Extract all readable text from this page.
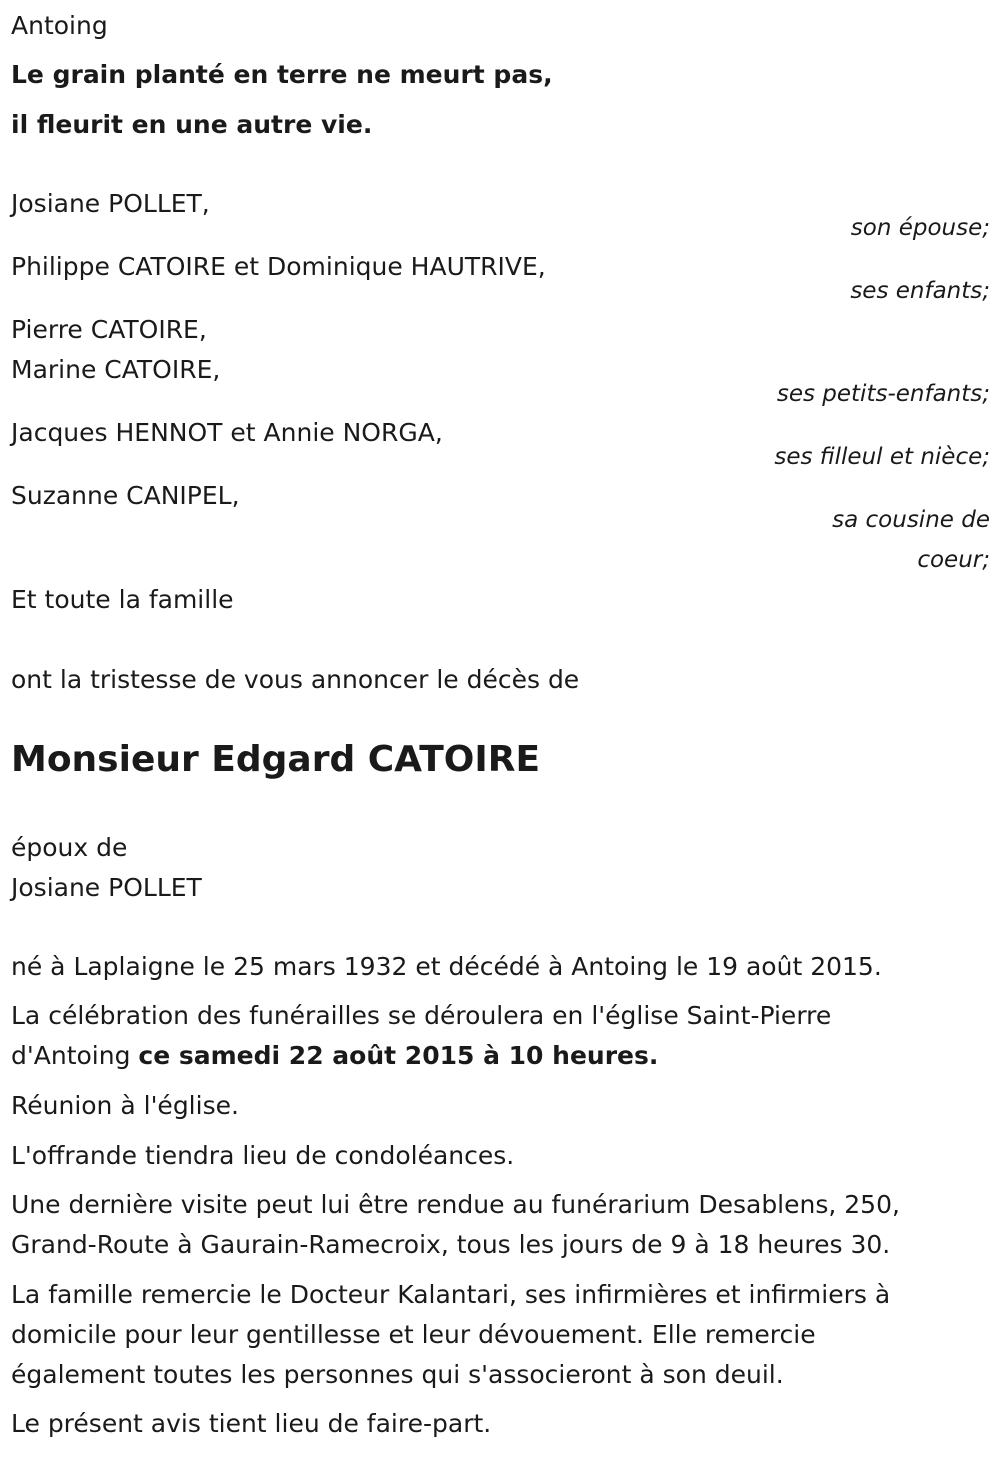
Antoing
Le grain planté en terre ne meurt pas,
il fleurit en une autre vie.
Josiane POLLET,
son épouse;
Philippe CATOIRE et Dominique HAUTRIVE,
ses enfants;
Pierre CATOIRE,
Marine CATOIRE,
ses petits-enfants;
Jacques HENNOT et Annie NORGA,
ses filleul et nièce;
Suzanne CANIPEL,
sa cousine de
coeur;
Et toute la famille
ont la tristesse de vous annoncer le décès de
Monsieur Edgard CATOIRE
époux de
Josiane POLLET
né à Laplaigne le 25 mars 1932 et décédé à Antoing le 19 août 2015.
La célébration des funérailles se déroulera en l'église Saint-Pierre
d'Antoing ce samedi 22 août 2015 à 10 heures.
Réunion à l'église.
L'offrande tiendra lieu de condoléances.
Une dernière visite peut lui être rendue au funérarium Desablens, 250,
Grand-Route à Gaurain-Ramecroix, tous les jours de 9 à 18 heures 30.
La famille remercie le Docteur Kalantari, ses infirmières et infirmiers à
domicile pour leur gentillesse et leur dévouement. Elle remercie
également toutes les personnes qui s'associeront à son deuil.
Le présent avis tient lieu de faire-part.
